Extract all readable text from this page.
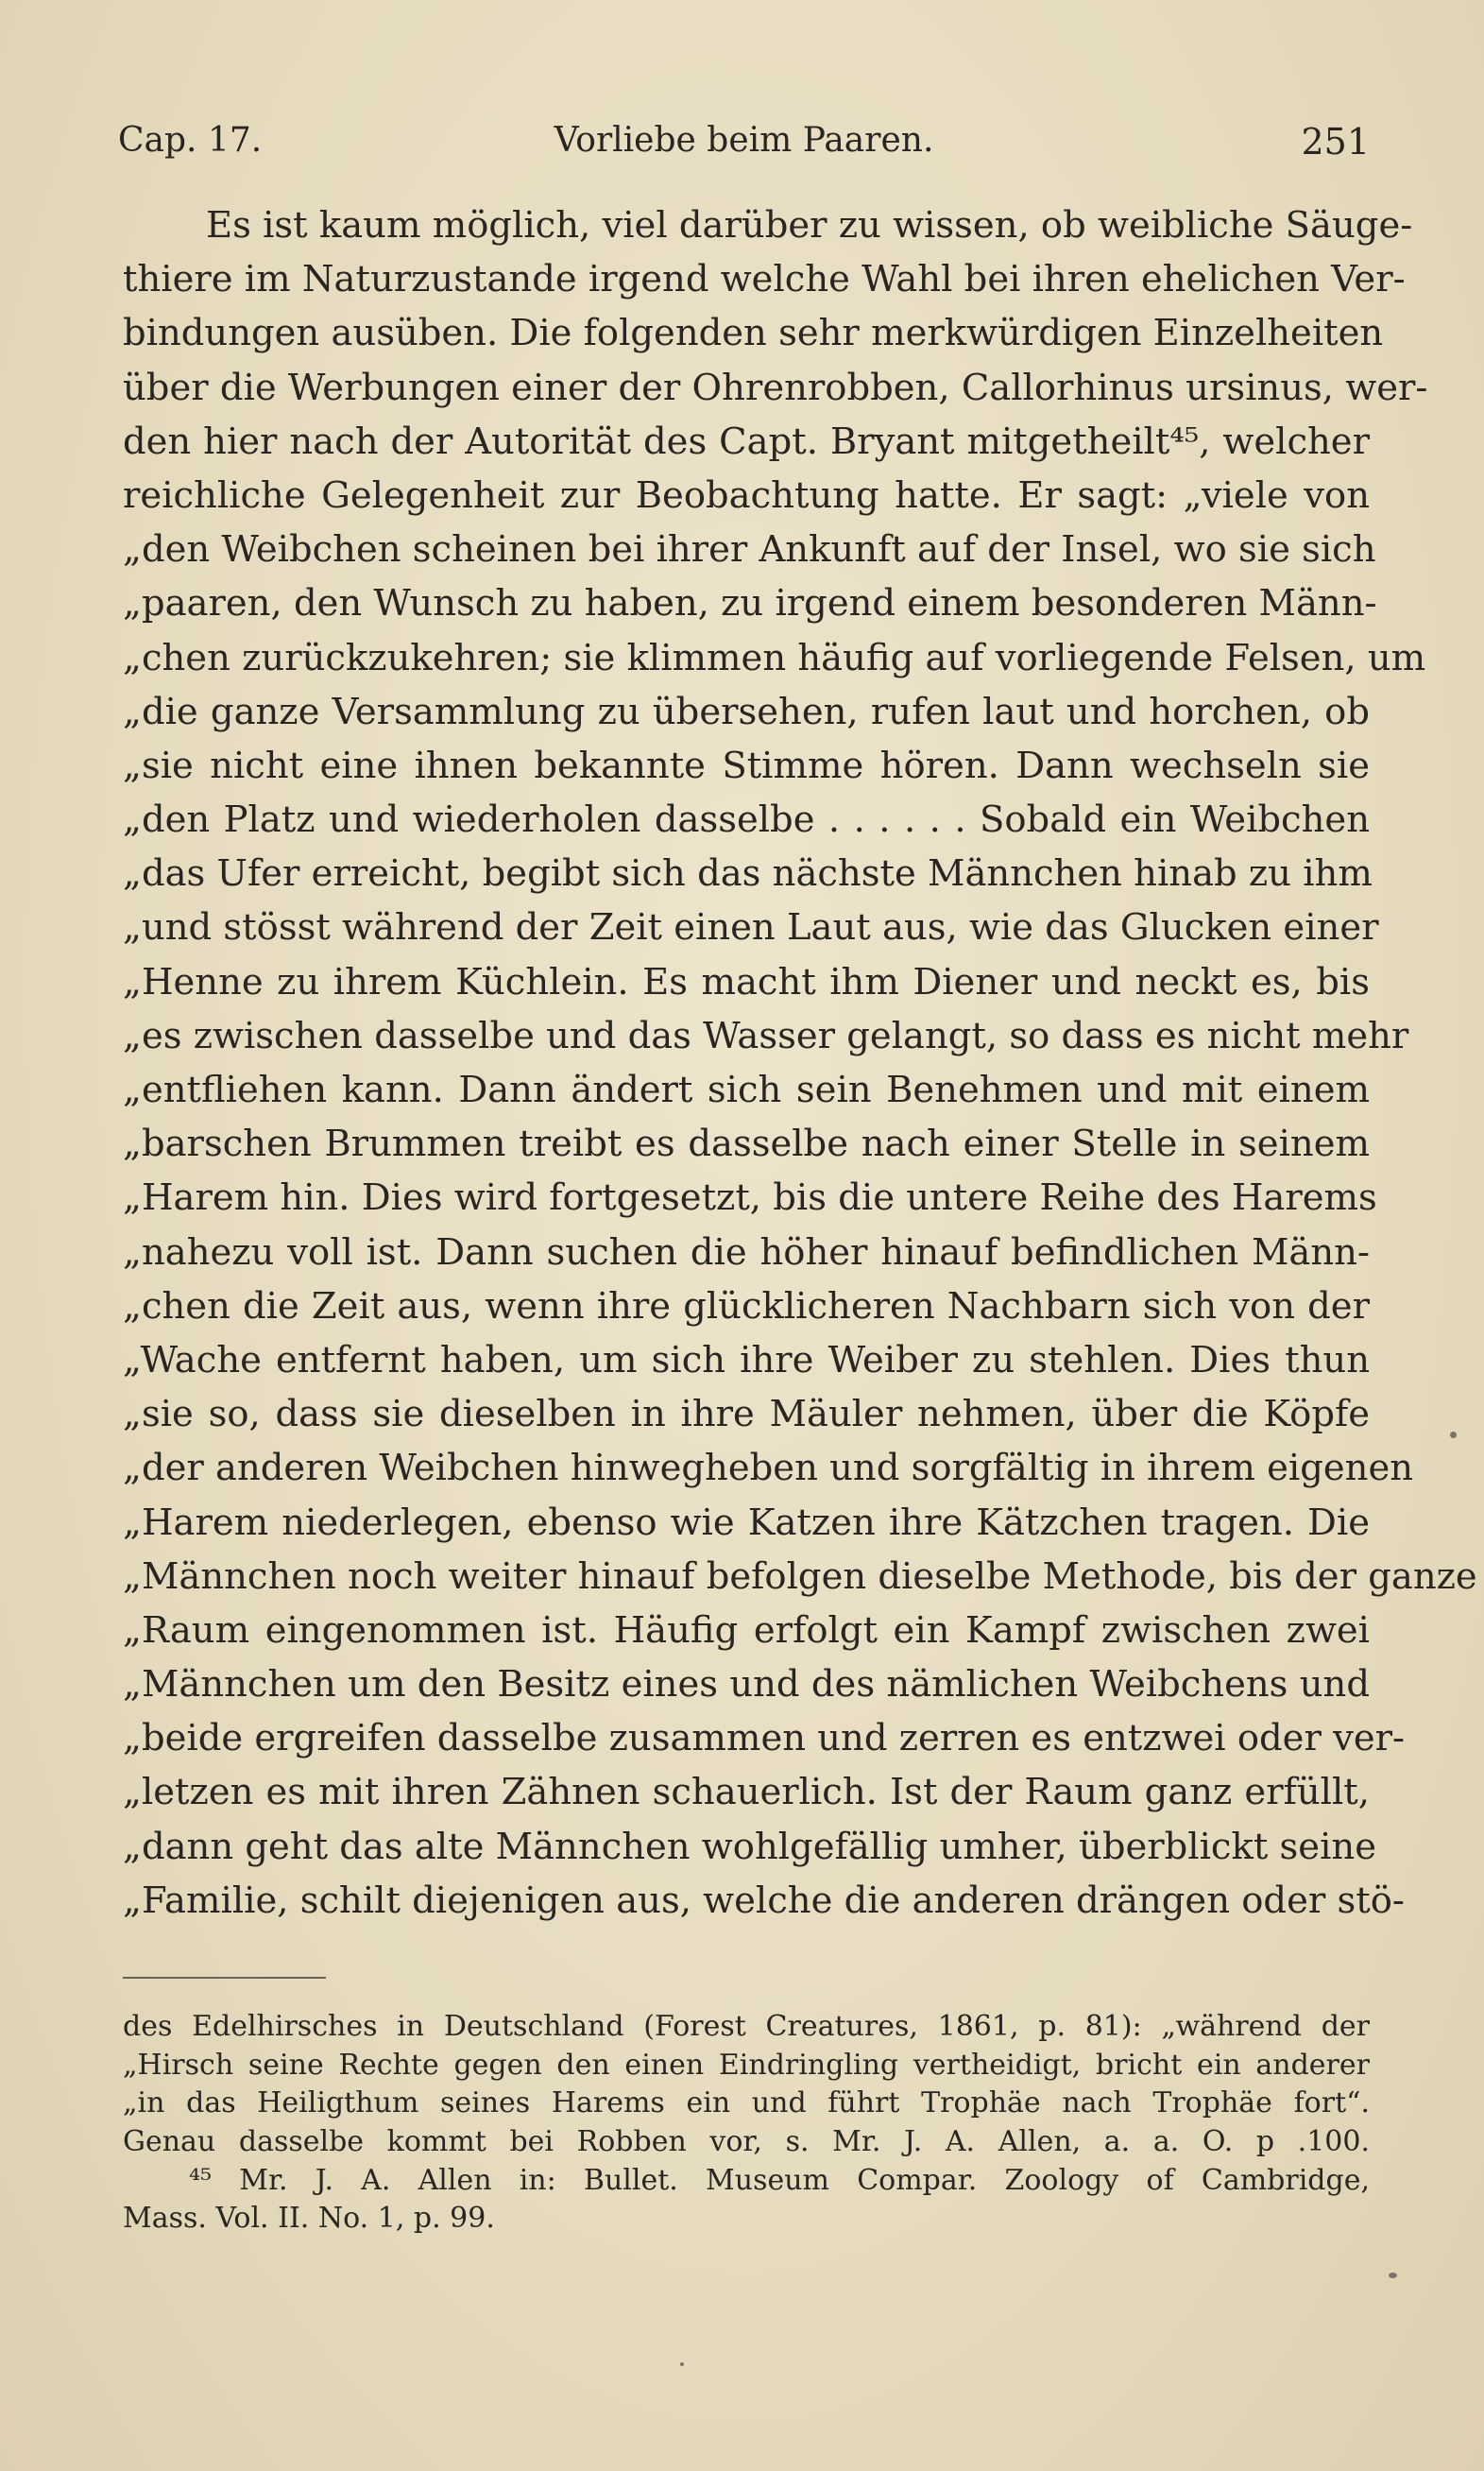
Cap. 17.	Vorliebe beim Paaren.	251
Es ist kaum möglich, viel darüber zu wissen, ob weibliche Säuge-
thiere im Naturzustande irgend welche Wahl bei ihren ehelichen Ver-
bindungen ausüben. Die folgenden sehr merkwürdigen Einzelheiten
über die Werbungen einer der Ohrenrobben, Callorhinus ursinus, wer-
den hier nach der Autorität des Capt. Bryant mitgetheilt⁴⁵, welcher
reichliche Gelegenheit zur Beobachtung hatte. Er sagt: „viele von
„den Weibchen scheinen bei ihrer Ankunft auf der Insel, wo sie sich
„paaren, den Wunsch zu haben, zu irgend einem besonderen Männ-
„chen zurückzukehren; sie klimmen häufig auf vorliegende Felsen, um
„die ganze Versammlung zu übersehen, rufen laut und horchen, ob
„sie nicht eine ihnen bekannte Stimme hören. Dann wechseln sie
„den Platz und wiederholen dasselbe . . . . . . Sobald ein Weibchen
„das Ufer erreicht, begibt sich das nächste Männchen hinab zu ihm
„und stösst während der Zeit einen Laut aus, wie das Glucken einer
„Henne zu ihrem Küchlein. Es macht ihm Diener und neckt es, bis
„es zwischen dasselbe und das Wasser gelangt, so dass es nicht mehr
„entfliehen kann. Dann ändert sich sein Benehmen und mit einem
„barschen Brummen treibt es dasselbe nach einer Stelle in seinem
„Harem hin. Dies wird fortgesetzt, bis die untere Reihe des Harems
„nahezu voll ist. Dann suchen die höher hinauf befindlichen Männ-
„chen die Zeit aus, wenn ihre glücklicheren Nachbarn sich von der
„Wache entfernt haben, um sich ihre Weiber zu stehlen. Dies thun
„sie so, dass sie dieselben in ihre Mäuler nehmen, über die Köpfe
„der anderen Weibchen hinwegheben und sorgfältig in ihrem eigenen
„Harem niederlegen, ebenso wie Katzen ihre Kätzchen tragen. Die
„Männchen noch weiter hinauf befolgen dieselbe Methode, bis der ganze
„Raum eingenommen ist. Häufig erfolgt ein Kampf zwischen zwei
„Männchen um den Besitz eines und des nämlichen Weibchens und
„beide ergreifen dasselbe zusammen und zerren es entzwei oder ver-
„letzen es mit ihren Zähnen schauerlich. Ist der Raum ganz erfüllt,
„dann geht das alte Männchen wohlgefällig umher, überblickt seine
„Familie, schilt diejenigen aus, welche die anderen drängen oder stö-
des Edelhirsches in Deutschland (Forest Creatures, 1861, p. 81): „während der
„Hirsch seine Rechte gegen den einen Eindringling vertheidigt, bricht ein anderer
„in das Heiligthum seines Harems ein und führt Trophäe nach Trophäe fort“.
Genau dasselbe kommt bei Robben vor, s. Mr. J. A. Allen, a. a. O. p .100.
⁴⁵ Mr. J. A. Allen in: Bullet. Museum Compar. Zoology of Cambridge,
Mass. Vol. II. No. 1, p. 99.
